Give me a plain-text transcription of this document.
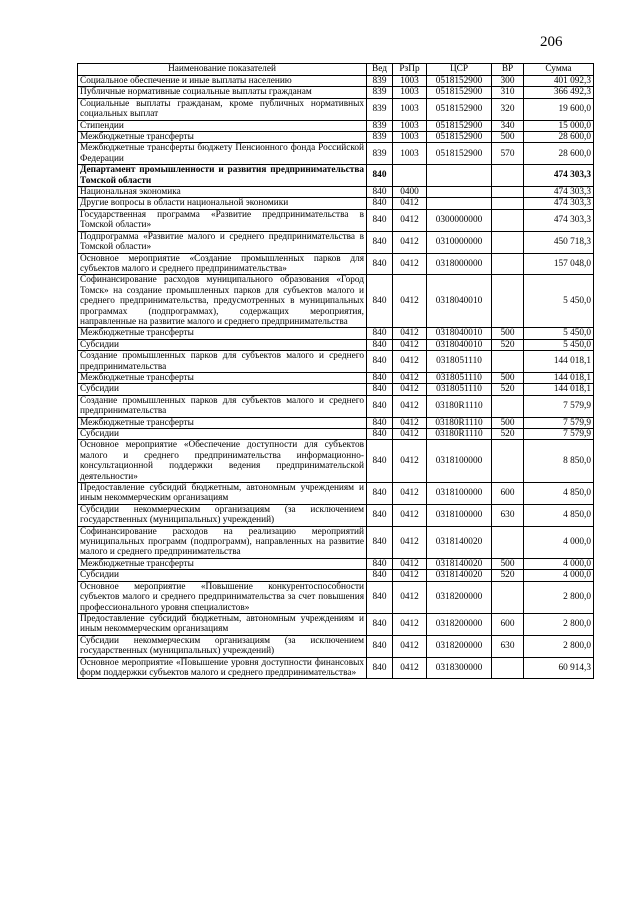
206
Наименование показателей	Вед	РзПр	ЦСР	ВР	Сумма
Социальное обеспечение и иные выплаты населению	839	1003	0518152900	300	401 092,3
Публичные нормативные социальные выплаты гражданам	839	1003	0518152900	310	366 492,3
Социальные выплаты гражданам, кроме публичных нормативных социальных выплат	839	1003	0518152900	320	19 600,0
Стипендии	839	1003	0518152900	340	15 000,0
Межбюджетные трансферты	839	1003	0518152900	500	28 600,0
Межбюджетные трансферты бюджету Пенсионного фонда Российской Федерации	839	1003	0518152900	570	28 600,0
Департамент промышленности и развития предпринимательства Томской области	840				474 303,3
Национальная экономика	840	0400			474 303,3
Другие вопросы в области национальной экономики	840	0412			474 303,3
Государственная программа «Развитие предпринимательства в Томской области»	840	0412	0300000000		474 303,3
Подпрограмма «Развитие малого и среднего предпринимательства в Томской области»	840	0412	0310000000		450 718,3
Основное мероприятие «Создание промышленных парков для субъектов малого и среднего предпринимательства»	840	0412	0318000000		157 048,0
Софинансирование расходов муниципального образования «Город Томск» на создание промышленных парков для субъектов малого и среднего предпринимательства, предусмотренных в муниципальных программах (подпрограммах), содержащих мероприятия, направленные на развитие малого и среднего предпринимательства	840	0412	0318040010		5 450,0
Межбюджетные трансферты	840	0412	0318040010	500	5 450,0
Субсидии	840	0412	0318040010	520	5 450,0
Создание промышленных парков для субъектов малого и среднего предпринимательства	840	0412	0318051110		144 018,1
Межбюджетные трансферты	840	0412	0318051110	500	144 018,1
Субсидии	840	0412	0318051110	520	144 018,1
Создание промышленных парков для субъектов малого и среднего предпринимательства	840	0412	03180R1110		7 579,9
Межбюджетные трансферты	840	0412	03180R1110	500	7 579,9
Субсидии	840	0412	03180R1110	520	7 579,9
Основное мероприятие «Обеспечение доступности для субъектов малого и среднего предпринимательства информационно-консультационной поддержки ведения предпринимательской деятельности»	840	0412	0318100000		8 850,0
Предоставление субсидий бюджетным, автономным учреждениям и иным некоммерческим организациям	840	0412	0318100000	600	4 850,0
Субсидии некоммерческим организациям (за исключением государственных (муниципальных) учреждений)	840	0412	0318100000	630	4 850,0
Софинансирование расходов на реализацию мероприятий муниципальных программ (подпрограмм), направленных на развитие малого и среднего предпринимательства	840	0412	0318140020		4 000,0
Межбюджетные трансферты	840	0412	0318140020	500	4 000,0
Субсидии	840	0412	0318140020	520	4 000,0
Основное мероприятие «Повышение конкурентоспособности субъектов малого и среднего предпринимательства за счет повышения профессионального уровня специалистов»	840	0412	0318200000		2 800,0
Предоставление субсидий бюджетным, автономным учреждениям и иным некоммерческим организациям	840	0412	0318200000	600	2 800,0
Субсидии некоммерческим организациям (за исключением государственных (муниципальных) учреждений)	840	0412	0318200000	630	2 800,0
Основное мероприятие «Повышение уровня доступности финансовых форм поддержки субъектов малого и среднего предпринимательства»	840	0412	0318300000		60 914,3
